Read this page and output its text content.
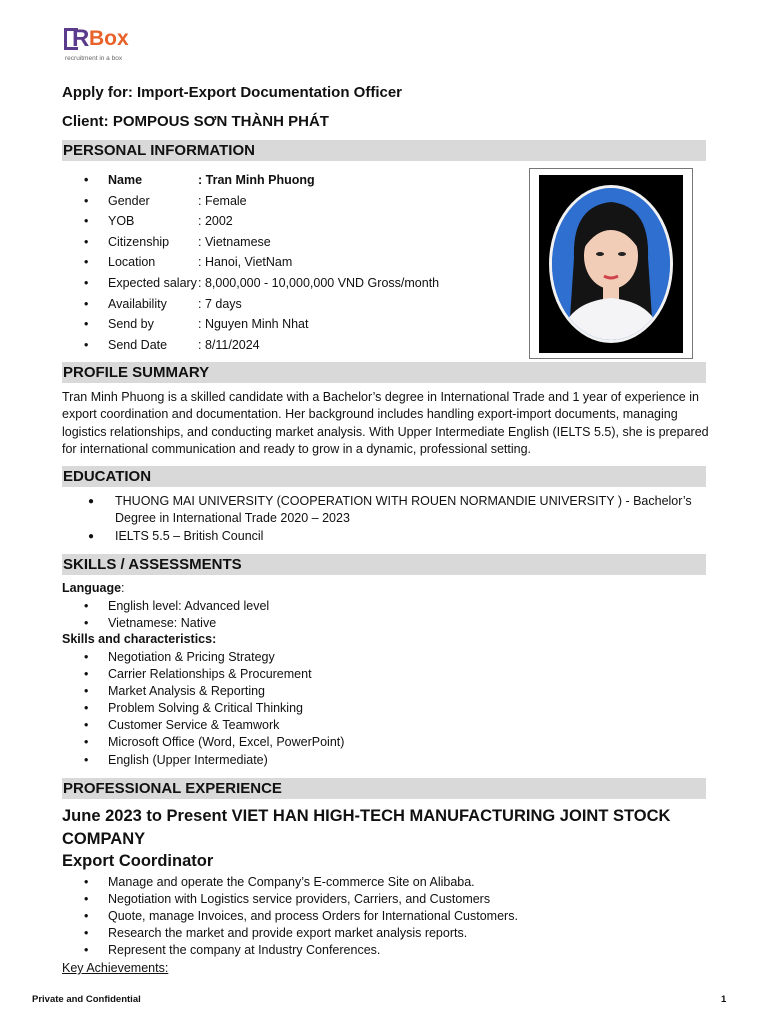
R Box
recruitment in a box
Apply for: Import-Export Documentation Officer
Client: POMPOUS SƠN THÀNH PHÁT
PERSONAL INFORMATION
• Name	: Tran Minh Phuong
• Gender	: Female
• YOB	: 2002
• Citizenship : Vietnamese
• Location	: Hanoi, VietNam
• Expected salary: 8,000,000 - 10,000,000 VND Gross/month
• Availability : 7 days
• Send by	: Nguyen Minh Nhat
• Send Date : 8/11/2024
PROFILE SUMMARY
Tran Minh Phuong is a skilled candidate with a Bachelor’s degree in International Trade and 1 year of experience in export coordination and documentation. Her background includes handling export-import documents, managing logistics relationships, and conducting market analysis. With Upper Intermediate English (IELTS 5.5), she is prepared for international communication and ready to grow in a dynamic, professional setting.
EDUCATION
● THUONG MAI UNIVERSITY (COOPERATION WITH ROUEN NORMANDIE UNIVERSITY ) - Bachelor’s Degree in International Trade 2020 – 2023
● IELTS 5.5 – British Council
SKILLS / ASSESSMENTS
Language:
• English level: Advanced level
• Vietnamese: Native
Skills and characteristics:
• Negotiation & Pricing Strategy
• Carrier Relationships & Procurement
• Market Analysis & Reporting
• Problem Solving & Critical Thinking
• Customer Service & Teamwork
• Microsoft Office (Word, Excel, PowerPoint)
• English (Upper Intermediate)
PROFESSIONAL EXPERIENCE
June 2023 to Present VIET HAN HIGH-TECH MANUFACTURING JOINT STOCK COMPANY
Export Coordinator
• Manage and operate the Company’s E-commerce Site on Alibaba.
• Negotiation with Logistics service providers, Carriers, and Customers
• Quote, manage Invoices, and process Orders for International Customers.
• Research the market and provide export market analysis reports.
• Represent the company at Industry Conferences.
Key Achievements:
Private and Confidential	1
